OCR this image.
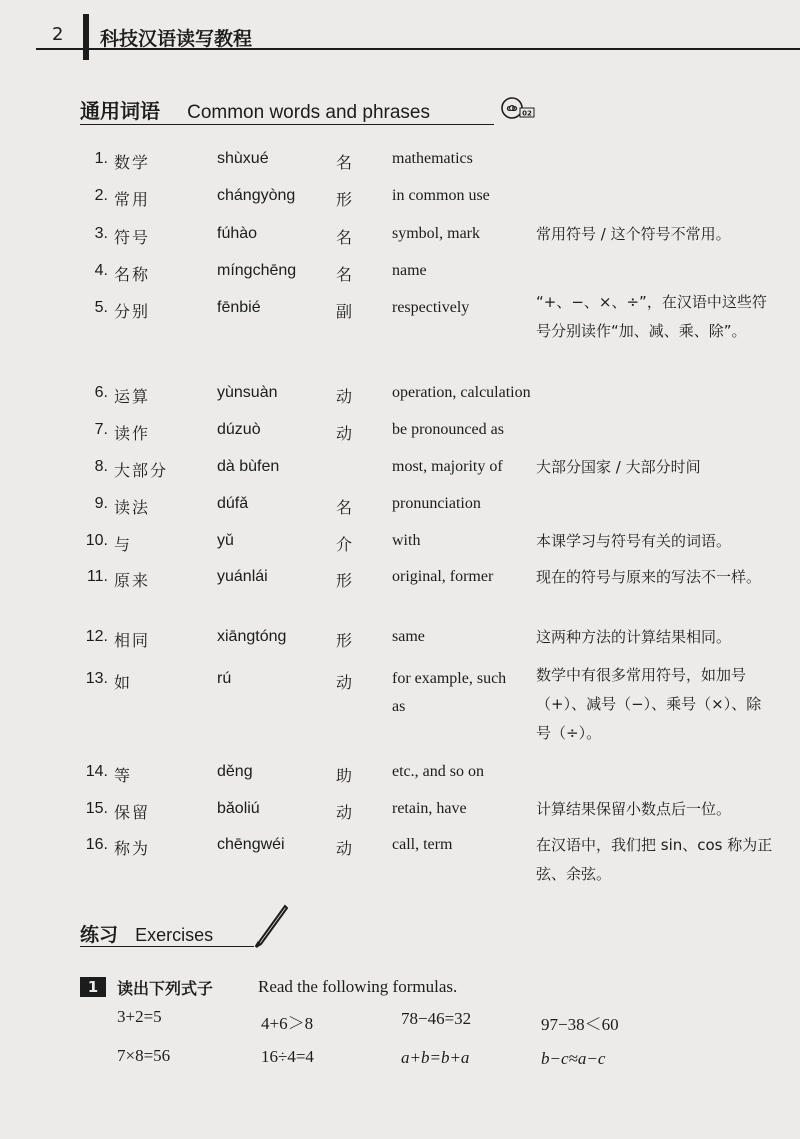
2 科技汉语读写教程
通用词语 Common words and phrases	CD
02
1. 数学	shùxué	名 mathematics
2. 常用	chángyòng	形 in common use
3. 符号	fúhào	名 symbol, mark	常用符号 / 这个符号不常用。
4. 名称	míngchēng 名 name
5. 分别	fēnbié	副 respectively	“+、−、×、÷”，在汉语中这些符号分别读作“加、减、乘、除”。
6. 运算	yùnsuàn	动 operation, calculation
7. 读作	dúzuò	动 be pronounced as
8. 大部分	dà bùfen	most, majority of	大部分国家 / 大部分时间
9. 读法	dúfǎ	名 pronunciation
10. 与	yǔ	介 with	本课学习与符号有关的词语。
11. 原来	yuánlái	形 original, former	现在的符号与原来的写法不一样。
12. 相同	xiāngtóng	形 same	这两种方法的计算结果相同。
13. 如	rú	动 for example, such as
数学中有很多常用符号，如加号（+）、减号（−）、乘号（×）、除号（÷）。
14. 等	děng	助 etc., and so on
15. 保留	bǎoliú	动 retain, have	计算结果保留小数点后一位。
16. 称为	chēngwéi	动 call, term	在汉语中，我们把 sin、cos 称为正弦、余弦。
练习 Exercises
1	读出下列式子	Read the following formulas.
3+2=5	4+6＞8	78−46=32	97−38＜60
7×8=56	16÷4=4	a+b=b+a	b−c≈a−c
